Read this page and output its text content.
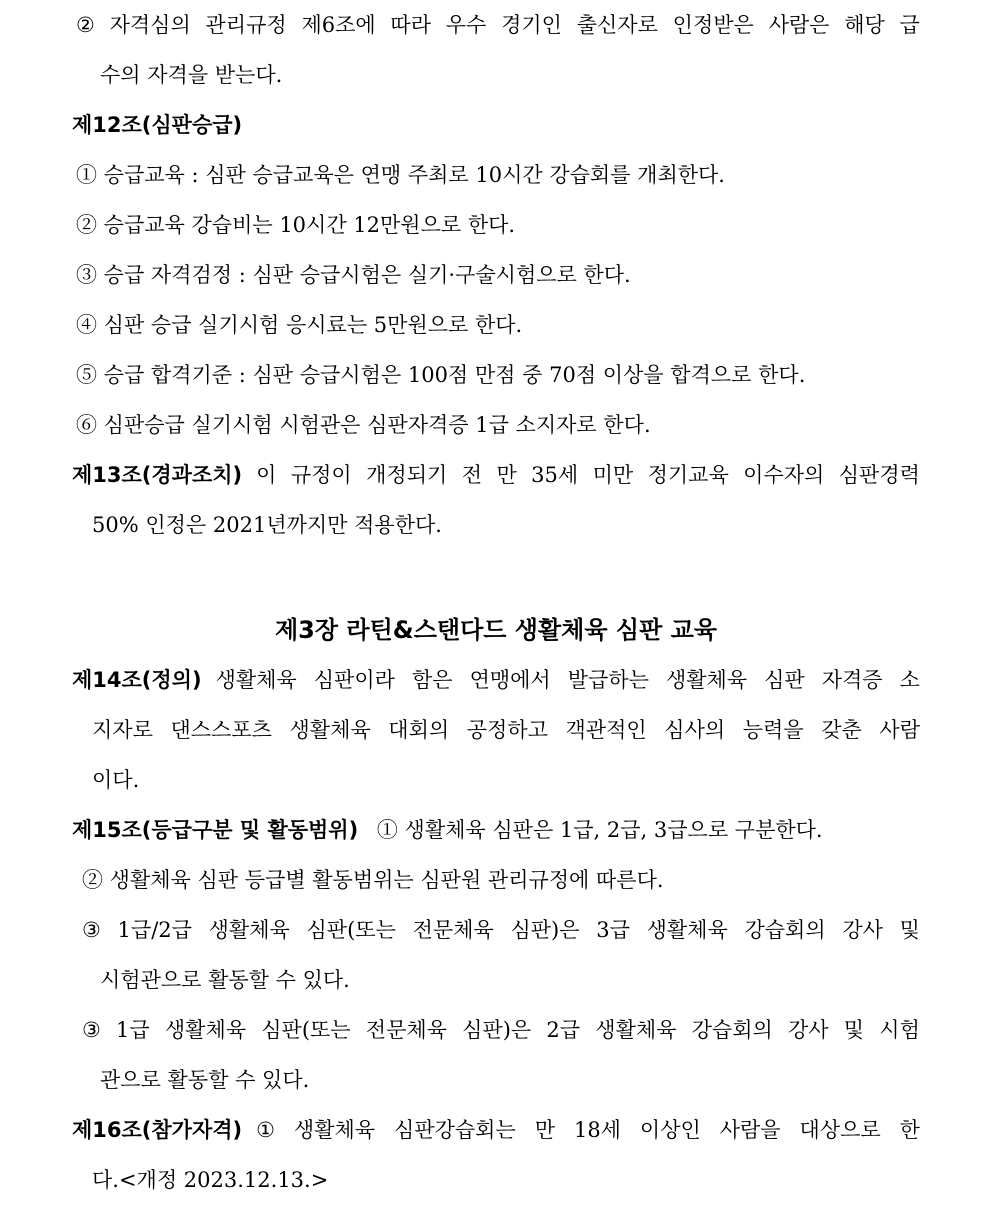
② 자격심의 관리규정 제6조에 따라 우수 경기인 출신자로 인정받은 사람은 해당 급
수의 자격을 받는다.
제12조(심판승급)
① 승급교육 : 심판 승급교육은 연맹 주최로 10시간 강습회를 개최한다.
② 승급교육 강습비는 10시간 12만원으로 한다.
③ 승급 자격검정 : 심판 승급시험은 실기·구술시험으로 한다.
④ 심판 승급 실기시험 응시료는 5만원으로 한다.
⑤ 승급 합격기준 : 심판 승급시험은 100점 만점 중 70점 이상을 합격으로 한다.
⑥ 심판승급 실기시험 시험관은 심판자격증 1급 소지자로 한다.
제13조(경과조치) 이 규정이 개정되기 전 만 35세 미만 정기교육 이수자의 심판경력
50% 인정은 2021년까지만 적용한다.
제3장 라틴&스탠다드 생활체육 심판 교육
제14조(정의) 생활체육 심판이라 함은 연맹에서 발급하는 생활체육 심판 자격증 소
지자로 댄스스포츠 생활체육 대회의 공정하고 객관적인 심사의 능력을 갖춘 사람
이다.
제15조(등급구분 및 활동범위) ① 생활체육 심판은 1급, 2급, 3급으로 구분한다.
② 생활체육 심판 등급별 활동범위는 심판원 관리규정에 따른다.
③ 1급/2급 생활체육 심판(또는 전문체육 심판)은 3급 생활체육 강습회의 강사 및
시험관으로 활동할 수 있다.
③ 1급 생활체육 심판(또는 전문체육 심판)은 2급 생활체육 강습회의 강사 및 시험
관으로 활동할 수 있다.
제16조(참가자격) ① 생활체육 심판강습회는 만 18세 이상인 사람을 대상으로 한
다.<개정 2023.12.13.>
